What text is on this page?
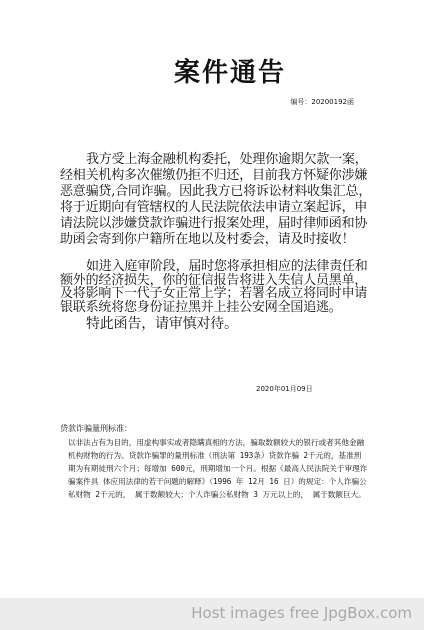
案件通告
编号：20200192函

我方受上海金融机构委托，处理你逾期欠款一案，经相关机构多次催缴仍拒不归还，目前我方怀疑你涉嫌恶意骗贷,合同诈骗。因此我方已将诉讼材料收集汇总，将于近期向有管辖权的人民法院依法申请立案起诉，申请法院以涉嫌贷款诈骗进行报案处理，届时律师函和协助函会寄到你户籍所在地以及村委会，请及时接收！

如进入庭审阶段，届时您将承担相应的法律责任和额外的经济损失，你的征信报告将进入失信人员黑单，及将影响下一代子女正常上学；若署名成立将同时申请银联系统将您身份证拉黑并上挂公安网全国追逃。

特此函告，请审慎对待。

2020年01月09日
贷款诈骗量刑标准：
以非法占有为目的，用虚构事实或者隐瞒真相的方法，骗取数额较大的银行或者其他金融机构财物的行为。贷款诈骗罪的量刑标准（刑法第 193条）贷款诈骗 2千元的，基准刑期为有期徒刑六个月；每增加 600元，刑期增加一个月。根据《最高人民法院关于审理诈骗案件具 体应用法律的若干问题的解释》（1996 年 12月 16 日）的规定：个人诈骗公私财物 2千元的， 属于数额较大；个人诈骗公私财物 3 万元以上的， 属于数额巨大。
Host images free JpgBox.com
